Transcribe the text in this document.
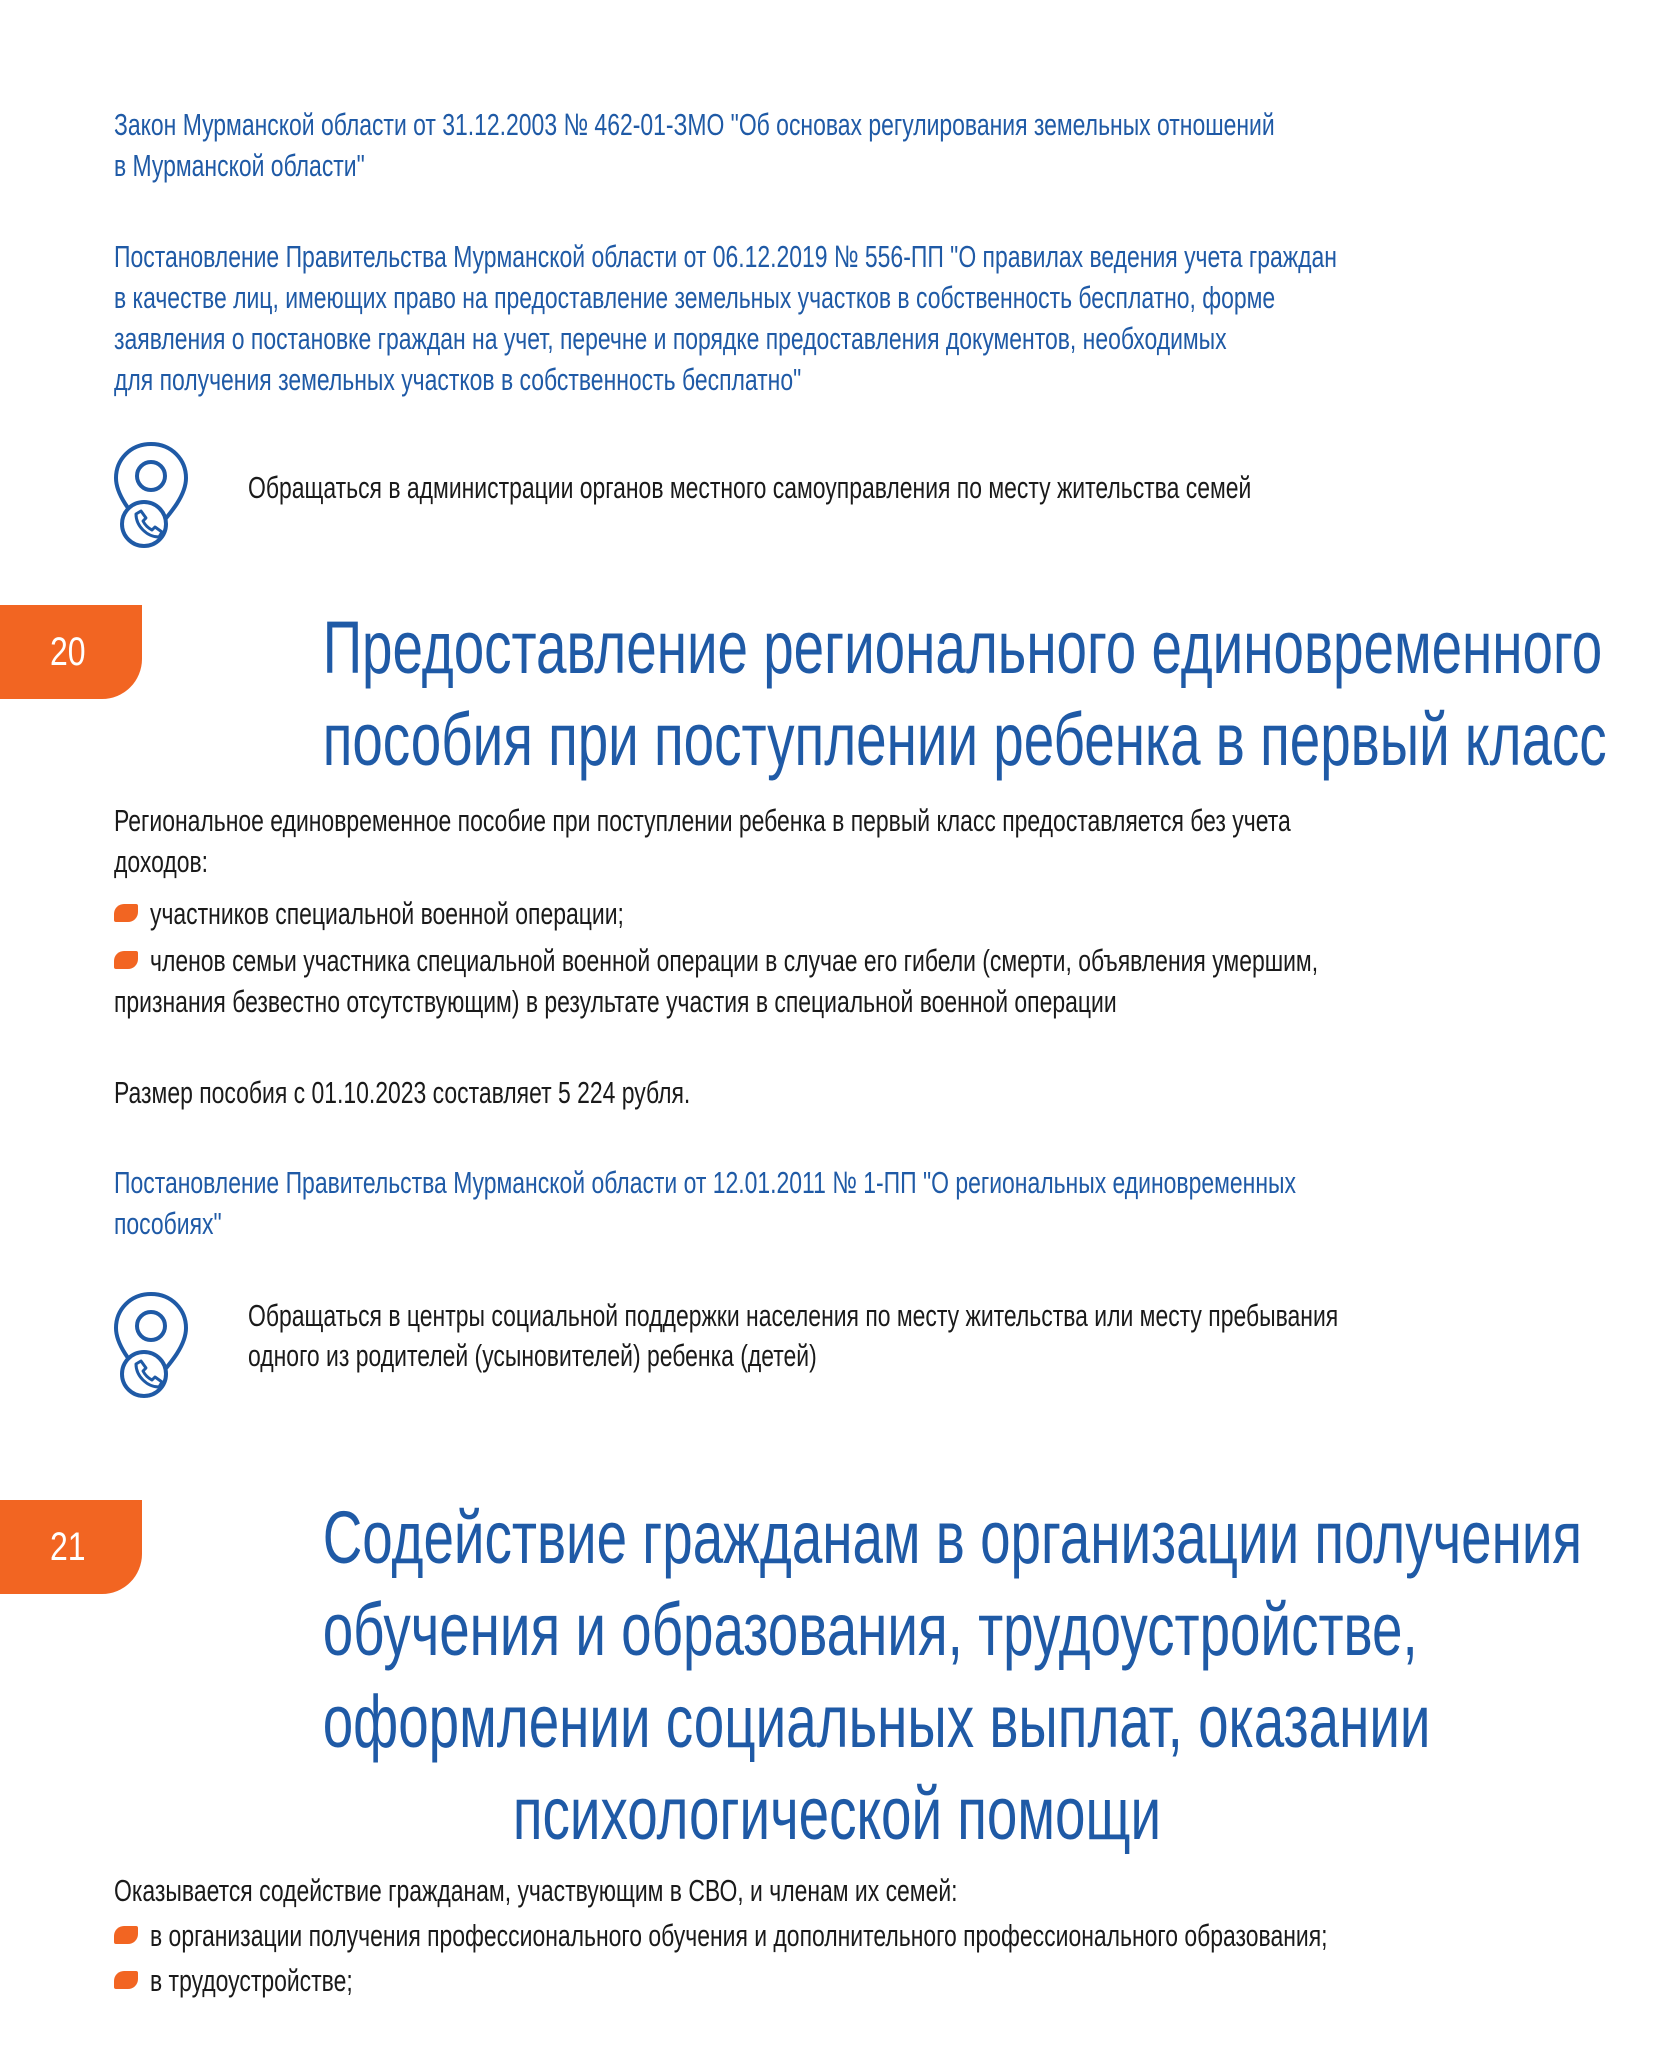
Закон Мурманской области от 31.12.2003 № 462-01-ЗМО "Об основах регулирования земельных отношений
в Мурманской области"
Постановление Правительства Мурманской области от 06.12.2019 № 556-ПП "О правилах ведения учета граждан
в качестве лиц, имеющих право на предоставление земельных участков в собственность бесплатно, форме
заявления о постановке граждан на учет, перечне и порядке предоставления документов, необходимых
для получения земельных участков в собственность бесплатно"
Обращаться в администрации органов местного самоуправления по месту жительства семей
20	Предоставление регионального единовременного
пособия при поступлении ребенка в первый класс
Региональное единовременное пособие при поступлении ребенка в первый класс предоставляется без учета
доходов:
участников специальной военной операции;
членов семьи участника специальной военной операции в случае его гибели (смерти, объявления умершим,
признания безвестно отсутствующим) в результате участия в специальной военной операции
Размер пособия с 01.10.2023 составляет 5 224 рубля.
Постановление Правительства Мурманской области от 12.01.2011 № 1-ПП "О региональных единовременных
пособиях"
Обращаться в центры социальной поддержки населения по месту жительства или месту пребывания
одного из родителей (усыновителей) ребенка (детей)
21	Содействие гражданам в организации получения
обучения и образования, трудоустройстве,
оформлении социальных выплат, оказании
психологической помощи
Оказывается содействие гражданам, участвующим в СВО, и членам их семей:
в организации получения профессионального обучения и дополнительного профессионального образования;
в трудоустройстве;
